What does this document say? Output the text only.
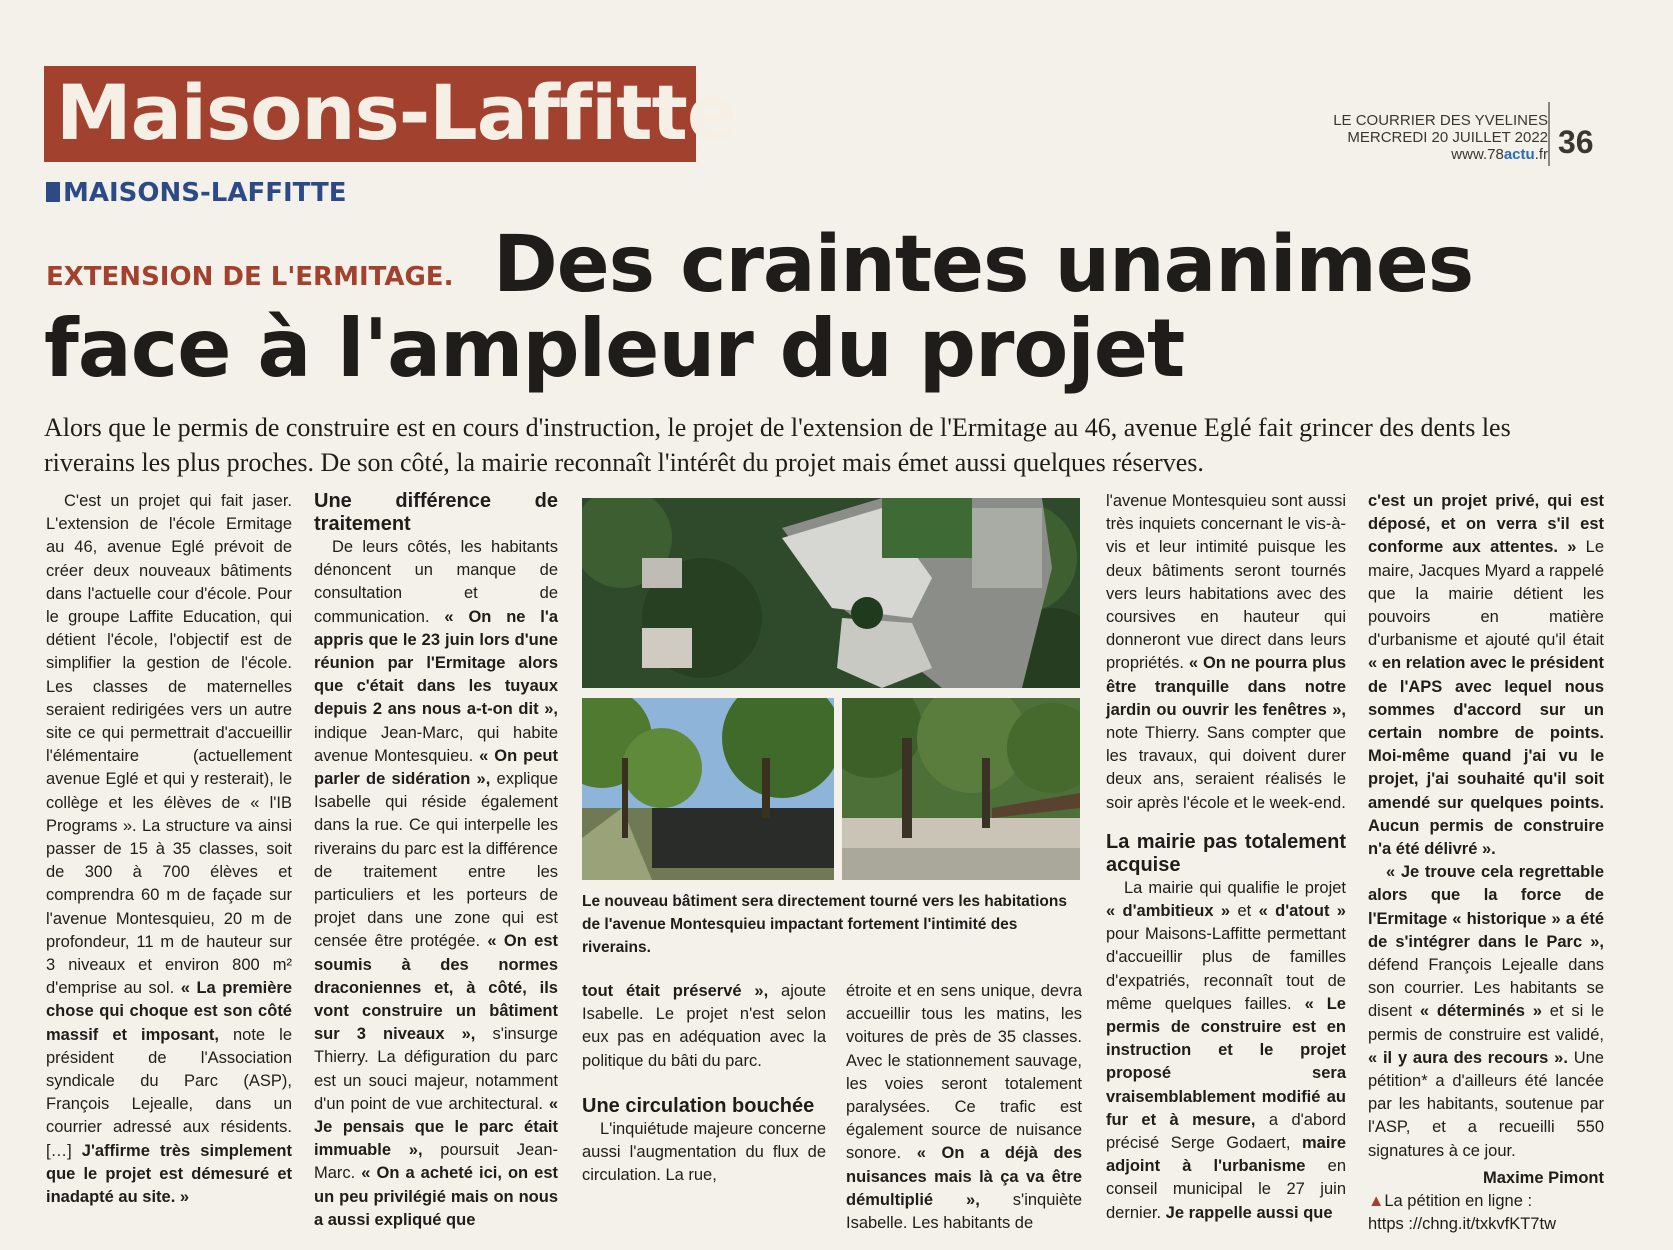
Maisons-Laffitte	LE COURRIER DES YVELINES
MERCREDI 20 JUILLET 2022
www.78actu.fr 36
MAISONS-LAFFITTE
EXTENSION DE L'ERMITAGE. Des craintes unanimes
face à l'ampleur du projet
Alors que le permis de construire est en cours d'instruction, le projet de l'extension de l'Ermitage au 46, avenue Eglé fait grincer des dents les riverains les plus proches. De son côté, la mairie reconnaît l'intérêt du projet mais émet aussi quelques réserves.

C'est un projet qui fait jaser. L'extension de l'école Ermitage au 46, avenue Eglé prévoit de créer deux nouveaux bâtiments dans l'actuelle cour d'école. Pour le groupe Laffite Education, qui détient l'école, l'objectif est de simplifier la gestion de l'école. Les classes de maternelles seraient redirigées vers un autre site ce qui permettrait d'accueillir l'élémentaire (actuellement avenue Eglé et qui y resterait), le collège et les élèves de « l'IB Programs ». La structure va ainsi passer de 15 à 35 classes, soit de 300 à 700 élèves et comprendra 60 m de façade sur l'avenue Montesquieu, 20 m de profondeur, 11 m de hauteur sur 3 niveaux et environ 800 m² d'emprise au sol. « La première chose qui choque est son côté massif et imposant, note le président de l'Association syndicale du Parc (ASP), François Lejealle, dans un courrier adressé aux résidents. […] J'affirme très simplement que le projet est démesuré et inadapté au site. »

Une différence de traitement

De leurs côtés, les habitants dénoncent un manque de consultation et de communication. « On ne l'a appris que le 23 juin lors d'une réunion par l'Ermitage alors que c'était dans les tuyaux depuis 2 ans nous a-t-on dit », indique Jean-Marc, qui habite avenue Montesquieu. « On peut parler de sidération », explique Isabelle qui réside également dans la rue. Ce qui interpelle les riverains du parc est la différence de traitement entre les particuliers et les porteurs de projet dans une zone qui est censée être protégée. « On est soumis à des normes draconiennes et, à côté, ils vont construire un bâtiment sur 3 niveaux », s'insurge Thierry. La défiguration du parc est un souci majeur, notamment d'un point de vue architectural. « Je pensais que le parc était immuable », poursuit Jean-Marc. « On a acheté ici, on est un peu privilégié mais on nous a aussi expliqué que

Le nouveau bâtiment sera directement tourné vers les habitations de l'avenue Montesquieu impactant fortement l'intimité des riverains.

tout était préservé », ajoute Isabelle. Le projet n'est selon eux pas en adéquation avec la politique du bâti du parc.

Une circulation bouchée

L'inquiétude majeure concerne aussi l'augmentation du flux de circulation. La rue,

étroite et en sens unique, devra accueillir tous les matins, les voitures de près de 35 classes. Avec le stationnement sauvage, les voies seront totalement paralysées. Ce trafic est également source de nuisance sonore. « On a déjà des nuisances mais là ça va être démultiplié », s'inquiète Isabelle. Les habitants de

l'avenue Montesquieu sont aussi très inquiets concernant le vis-à-vis et leur intimité puisque les deux bâtiments seront tournés vers leurs habitations avec des coursives en hauteur qui donneront vue direct dans leurs propriétés. « On ne pourra plus être tranquille dans notre jardin ou ouvrir les fenêtres », note Thierry. Sans compter que les travaux, qui doivent durer deux ans, seraient réalisés le soir après l'école et le week-end.

La mairie pas totalement acquise

La mairie qui qualifie le projet « d'ambitieux » et « d'atout » pour Maisons-Laffitte permettant d'accueillir plus de familles d'expatriés, reconnaît tout de même quelques failles. « Le permis de construire est en instruction et le projet proposé sera vraisemblablement modifié au fur et à mesure, a d'abord précisé Serge Godaert, maire adjoint à l'urbanisme en conseil municipal le 27 juin dernier. Je rappelle aussi que

c'est un projet privé, qui est déposé, et on verra s'il est conforme aux attentes. » Le maire, Jacques Myard a rappelé que la mairie détient les pouvoirs en matière d'urbanisme et ajouté qu'il était « en relation avec le président de l'APS avec lequel nous sommes d'accord sur un certain nombre de points. Moi-même quand j'ai vu le projet, j'ai souhaité qu'il soit amendé sur quelques points. Aucun permis de construire n'a été délivré ».

« Je trouve cela regrettable alors que la force de l'Ermitage « historique » a été de s'intégrer dans le Parc », défend François Lejealle dans son courrier. Les habitants se disent « déterminés » et si le permis de construire est validé, « il y aura des recours ». Une pétition* a d'ailleurs été lancée par les habitants, soutenue par l'ASP, et a recueilli 550 signatures à ce jour.

Maxime Pimont

▲La pétition en ligne :
https ://chng.it/txkvfKT7tw
